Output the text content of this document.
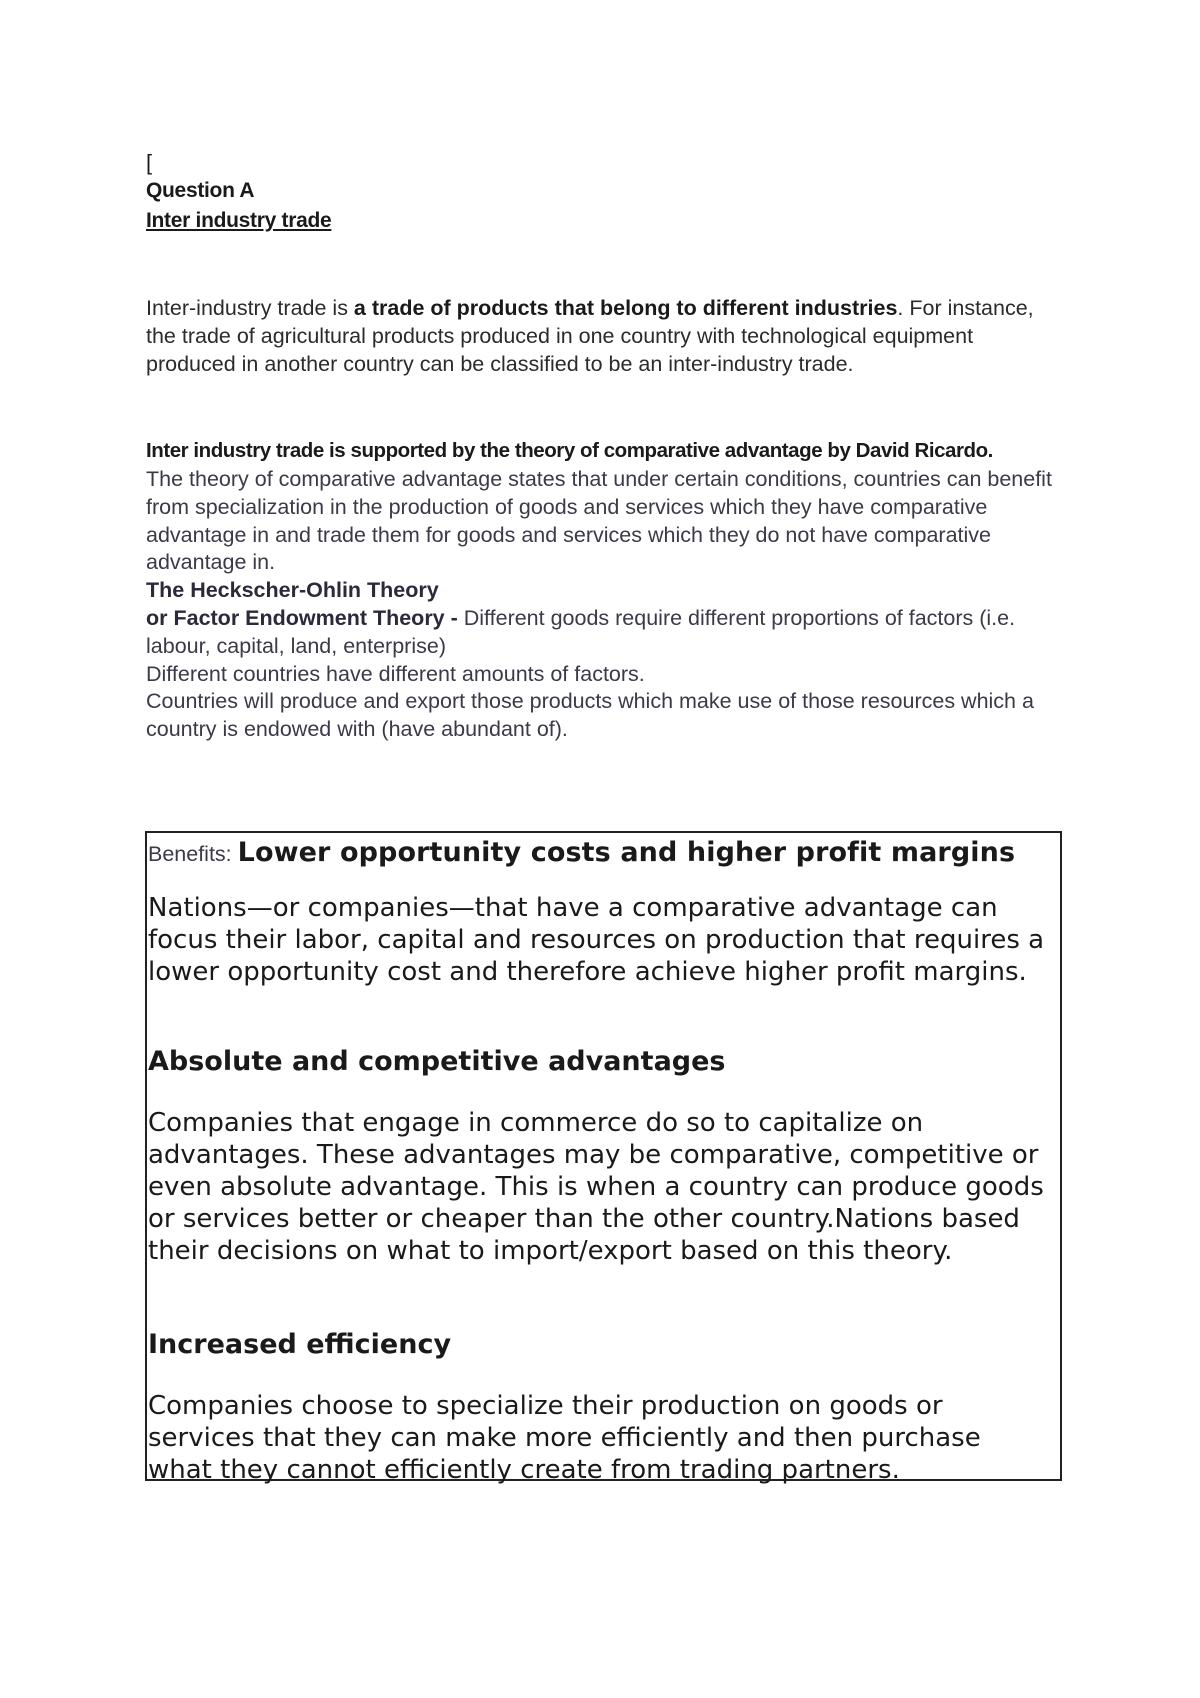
[
Question A
Inter industry trade
Inter-industry trade is a trade of products that belong to different industries. For instance, the trade of agricultural products produced in one country with technological equipment produced in another country can be classified to be an inter-industry trade.
Inter industry trade is supported by the theory of comparative advantage by David Ricardo.
The theory of comparative advantage states that under certain conditions, countries can benefit from specialization in the production of goods and services which they have comparative advantage in and trade them for goods and services which they do not have comparative advantage in.
The Heckscher-Ohlin Theory

or Factor Endowment Theory - Different goods require different proportions of factors (i.e. labour, capital, land, enterprise)

Different countries have different amounts of factors.

Countries will produce and export those products which make use of those resources which a country is endowed with (have abundant of).

Benefits: Lower opportunity costs and higher profit margins
Nations—or companies—that have a comparative advantage can focus their labor, capital and resources on production that requires a lower opportunity cost and therefore achieve higher profit margins.
Absolute and competitive advantages
Companies that engage in commerce do so to capitalize on advantages. These advantages may be comparative, competitive or even absolute advantage. This is when a country can produce goods or services better or cheaper than the other country.Nations based their decisions on what to import/export based on this theory.
Increased efficiency
Companies choose to specialize their production on goods or services that they can make more efficiently and then purchase what they cannot efficiently create from trading partners.
